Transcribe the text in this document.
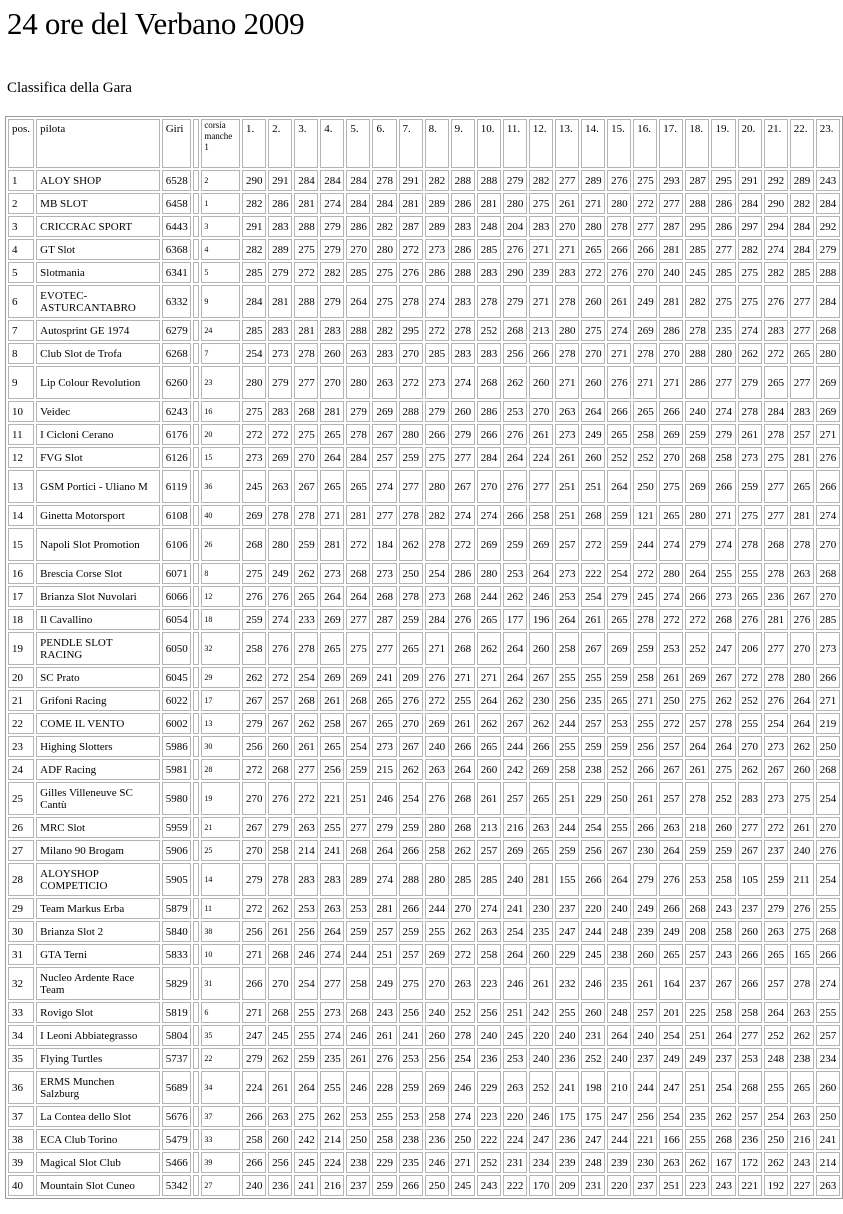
24 ore del Verbano 2009
Classifica della Gara
pos.	pilota	Giri		corsia manche 1	1.	2.	3.	4.	5.	6.	7.	8.	9.	10.	11.	12.	13.	14.	15.	16.	17.	18.	19.	20.	21.	22.	23.
1	ALOY SHOP	6528		2	290	291	284	284	284	278	291	282	288	288	279	282	277	289	276	275	293	287	295	291	292	289	243
2	MB SLOT	6458		1	282	286	281	274	284	284	281	289	286	281	280	275	261	271	280	272	277	288	286	284	290	282	284
3	CRICCRAC SPORT	6443		3	291	283	288	279	286	282	287	289	283	248	204	283	270	280	278	277	287	295	286	297	294	284	292
4	GT Slot	6368		4	282	289	275	279	270	280	272	273	286	285	276	271	271	265	266	266	281	285	277	282	274	284	279
5	Slotmania	6341		5	285	279	272	282	285	275	276	286	288	283	290	239	283	272	276	270	240	245	285	275	282	285	288
6	EVOTEC-ASTURCANTABRO	6332		9	284	281	288	279	264	275	278	274	283	278	279	271	278	260	261	249	281	282	275	275	276	277	284
7	Autosprint GE 1974	6279		24	285	283	281	283	288	282	295	272	278	252	268	213	280	275	274	269	286	278	235	274	283	277	268
8	Club Slot de Trofa	6268		7	254	273	278	260	263	283	270	285	283	283	256	266	278	270	271	278	270	288	280	262	272	265	280
9	Lip Colour Revolution	6260		23	280	279	277	270	280	263	272	273	274	268	262	260	271	260	276	271	271	286	277	279	265	277	269
10	Veidec	6243		16	275	283	268	281	279	269	288	279	260	286	253	270	263	264	266	265	266	240	274	278	284	283	269
11	I Cicloni Cerano	6176		20	272	272	275	265	278	267	280	266	279	266	276	261	273	249	265	258	269	259	279	261	278	257	271
12	FVG Slot	6126		15	273	269	270	264	284	257	259	275	277	284	264	224	261	260	252	252	270	268	258	273	275	281	276
13	GSM Portici - Uliano M	6119		36	245	263	267	265	265	274	277	280	267	270	276	277	251	251	264	250	275	269	266	259	277	265	266
14	Ginetta Motorsport	6108		40	269	278	278	271	281	277	278	282	274	274	266	258	251	268	259	121	265	280	271	275	277	281	274
15	Napoli Slot Promotion	6106		26	268	280	259	281	272	184	262	278	272	269	259	269	257	272	259	244	274	279	274	278	268	278	270
16	Brescia Corse Slot	6071		8	275	249	262	273	268	273	250	254	286	280	253	264	273	222	254	272	280	264	255	255	278	263	268
17	Brianza Slot Nuvolari	6066		12	276	276	265	264	264	268	278	273	268	244	262	246	253	254	279	245	274	266	273	265	236	267	270
18	Il Cavallino	6054		18	259	274	233	269	277	287	259	284	276	265	177	196	264	261	265	278	272	272	268	276	281	276	285
19	PENDLE SLOT RACING	6050		32	258	276	278	265	275	277	265	271	268	262	264	260	258	267	269	259	253	252	247	206	277	270	273
20	SC Prato	6045		29	262	272	254	269	269	241	209	276	271	271	264	267	255	255	259	258	261	269	267	272	278	280	266
21	Grifoni Racing	6022		17	267	257	268	261	268	265	276	272	255	264	262	230	256	235	265	271	250	275	262	252	276	264	271
22	COME IL VENTO	6002		13	279	267	262	258	267	265	270	269	261	262	267	262	244	257	253	255	272	257	278	255	254	264	219
23	Highing Slotters	5986		30	256	260	261	265	254	273	267	240	266	265	244	266	255	259	259	256	257	264	264	270	273	262	250
24	ADF Racing	5981		28	272	268	277	256	259	215	262	263	264	260	242	269	258	238	252	266	267	261	275	262	267	260	268
25	Gilles Villeneuve SC Cantù	5980		19	270	276	272	221	251	246	254	276	268	261	257	265	251	229	250	261	257	278	252	283	273	275	254
26	MRC Slot	5959		21	267	279	263	255	277	279	259	280	268	213	216	263	244	254	255	266	263	218	260	277	272	261	270
27	Milano 90 Brogam	5906		25	270	258	214	241	268	264	266	258	262	257	269	265	259	256	267	230	264	259	259	267	237	240	276
28	ALOYSHOP COMPETICIO	5905		14	279	278	283	283	289	274	288	280	285	285	240	281	155	266	264	279	276	253	258	105	259	211	254
29	Team Markus Erba	5879		11	272	262	253	263	253	281	266	244	270	274	241	230	237	220	240	249	266	268	243	237	279	276	255
30	Brianza Slot 2	5840		38	256	261	256	264	259	257	259	255	262	263	254	235	247	244	248	239	249	208	258	260	263	275	268
31	GTA Terni	5833		10	271	268	246	274	244	251	257	269	272	258	264	260	229	245	238	260	265	257	243	266	265	165	266
32	Nucleo Ardente Race Team	5829		31	266	270	254	277	258	249	275	270	263	223	246	261	232	246	235	261	164	237	267	266	257	278	274
33	Rovigo Slot	5819		6	271	268	255	273	268	243	256	240	252	256	251	242	255	260	248	257	201	225	258	258	264	263	255
34	I Leoni Abbiategrasso	5804		35	247	245	255	274	246	261	241	260	278	240	245	220	240	231	264	240	254	251	264	277	252	262	257
35	Flying Turtles	5737		22	279	262	259	235	261	276	253	256	254	236	253	240	236	252	240	237	249	249	237	253	248	238	234
36	ERMS Munchen Salzburg	5689		34	224	261	264	255	246	228	259	269	246	229	263	252	241	198	210	244	247	251	254	268	255	265	260
37	La Contea dello Slot	5676		37	266	263	275	262	253	255	253	258	274	223	220	246	175	175	247	256	254	235	262	257	254	263	250
38	ECA Club Torino	5479		33	258	260	242	214	250	258	238	236	250	222	224	247	236	247	244	221	166	255	268	236	250	216	241
39	Magical Slot Club	5466		39	266	256	245	224	238	229	235	246	271	252	231	234	239	248	239	230	263	262	167	172	262	243	214
40	Mountain Slot Cuneo	5342		27	240	236	241	216	237	259	266	250	245	243	222	170	209	231	220	237	251	223	243	221	192	227	263
